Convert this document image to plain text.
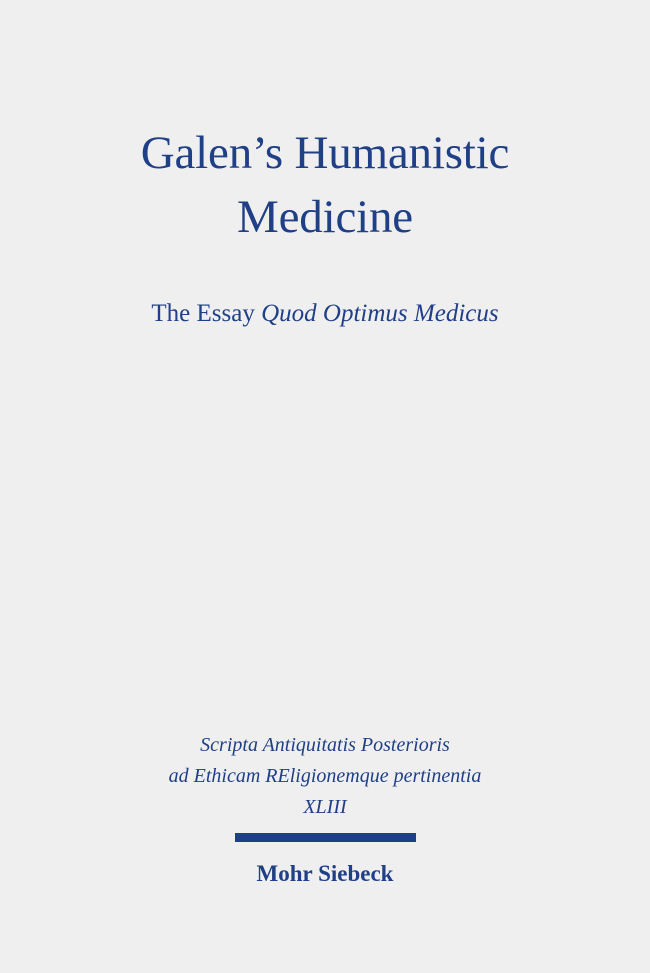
Galen’s Humanistic
Medicine
The Essay Quod Optimus Medicus
Scripta Antiquitatis Posterioris
ad Ethicam REligionemque pertinentia
XLIII
Mohr Siebeck
